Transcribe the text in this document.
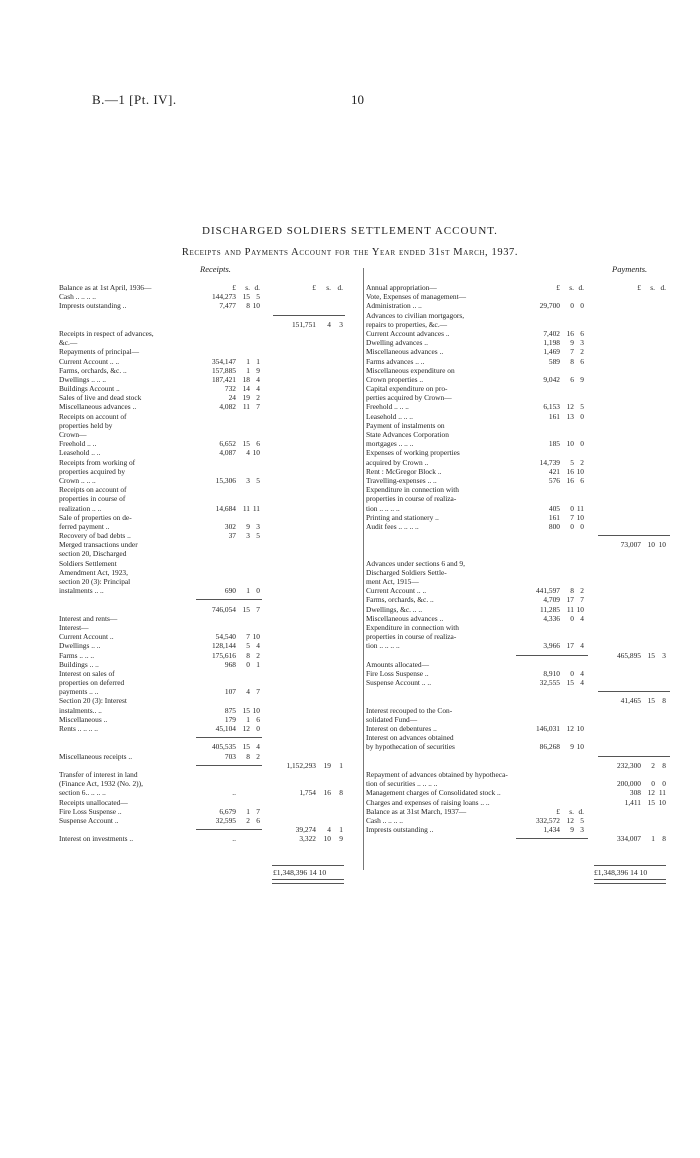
B.—1 [Pt. IV].	10
DISCHARGED SOLDIERS SETTLEMENT ACCOUNT.
Receipts and Payments Account for the Year ended 31st March, 1937.
Receipts.	Payments.
Balance as at 1st April, 1936—	£ s. d.	£ s. d.
Cash .. .. .. ..	144,273 15 5
Imprests outstanding ..	7,477 8 10
151,751 4 3
Receipts in respect of advances,
&c.—
Repayments of principal—
Current Account .. ..	354,147 1 1
Farms, orchards, &c. ..	157,885 1 9
Dwellings .. .. ..	187,421 18 4
Buildings Account ..	732 14 4
Sales of live and dead stock	24 19 2
Miscellaneous advances ..	4,082 11 7
Receipts on account of
properties held by
Crown—
Freehold .. ..	6,652 15 6
Leasehold .. ..	4,087 4 10
Receipts from working of
properties acquired by
Crown .. .. ..	15,306 3 5
Receipts on account of
properties in course of
realization .. ..	14,684 11 11
Sale of properties on de-
ferred payment ..	302 9 3
Recovery of bad debts ..	37 3 5
Merged transactions under
section 20, Discharged
Soldiers Settlement
Amendment Act, 1923,
section 20 (3): Principal
instalments .. ..	690 1 0
746,054 15 7
Interest and rents—
Interest—
Current Account ..	54,540 7 10
Dwellings .. ..	128,144 5 4
Farms .. .. ..	175,616 8 2
Buildings .. ..	968 0 1
Interest on sales of
properties on deferred
payments .. ..	107 4 7
Section 20 (3): Interest
instalments.. ..	875 15 10
Miscellaneous ..	179 1 6
Rents .. .. .. ..	45,104 12 0
405,535 15 4
Miscellaneous receipts ..	703 8 2
1,152,293 19 1
Transfer of interest in land
(Finance Act, 1932 (No. 2)),
section 6.. .. .. ..	..	1,754 16 8
Receipts unallocated—
Fire Loss Suspense ..	6,679 1 7
Suspense Account ..	32,595 2 6
39,274 4 1
Interest on investments ..	..	3,322 10 9
Annual appropriation—	£ s. d.	£ s. d.
Vote, Expenses of management—
Administration .. ..	29,700 0 0
Advances to civilian mortgagors,
repairs to properties, &c.—
Current Account advances ..	7,402 16 6
Dwelling advances ..	1,198 9 3
Miscellaneous advances ..	1,469 7 2
Farms advances .. ..	589 8 6
Miscellaneous expenditure on
Crown properties ..	9,042 6 9
Capital expenditure on pro-
perties acquired by Crown—
Freehold .. .. ..	6,153 12 5
Leasehold .. .. ..	161 13 0
Payment of instalments on
State Advances Corporation
mortgages .. .. ..	185 10 0
Expenses of working properties
acquired by Crown ..	14,739 5 2
Rent : McGregor Block ..	421 16 10
Travelling-expenses .. ..	576 16 6
Expenditure in connection with
properties in course of realiza-
tion .. .. .. ..	405 0 11
Printing and stationery ..	161 7 10
Audit fees .. .. .. ..	800 0 0
73,007 10 10
Advances under sections 6 and 9,
Discharged Soldiers Settle-
ment Act, 1915—
Current Account .. ..	441,597 8 2
Farms, orchards, &c. ..	4,709 17 7
Dwellings, &c. .. ..	11,285 11 10
Miscellaneous advances ..	4,336 0 4
Expenditure in connection with
properties in course of realiza-
tion .. .. .. ..	3,966 17 4
465,895 15 3
Amounts allocated—
Fire Loss Suspense ..	8,910 0 4
Suspense Account .. ..	32,555 15 4
41,465 15 8
Interest recouped to the Con-
solidated Fund—
Interest on debentures ..	146,031 12 10
Interest on advances obtained
by hypothecation of securities	86,268 9 10
232,300 2 8
Repayment of advances obtained by hypotheca-
tion of securities .. .. .. ..	200,000 0 0
Management charges of Consolidated stock ..	308 12 11
Charges and expenses of raising loans .. ..	1,411 15 10
Balance as at 31st March, 1937—	£ s. d.
Cash .. .. .. ..	332,572 12 5
Imprests outstanding ..	1,434 9 3
334,007 1 8
£1,348,396 14 10	£1,348,396 14 10
